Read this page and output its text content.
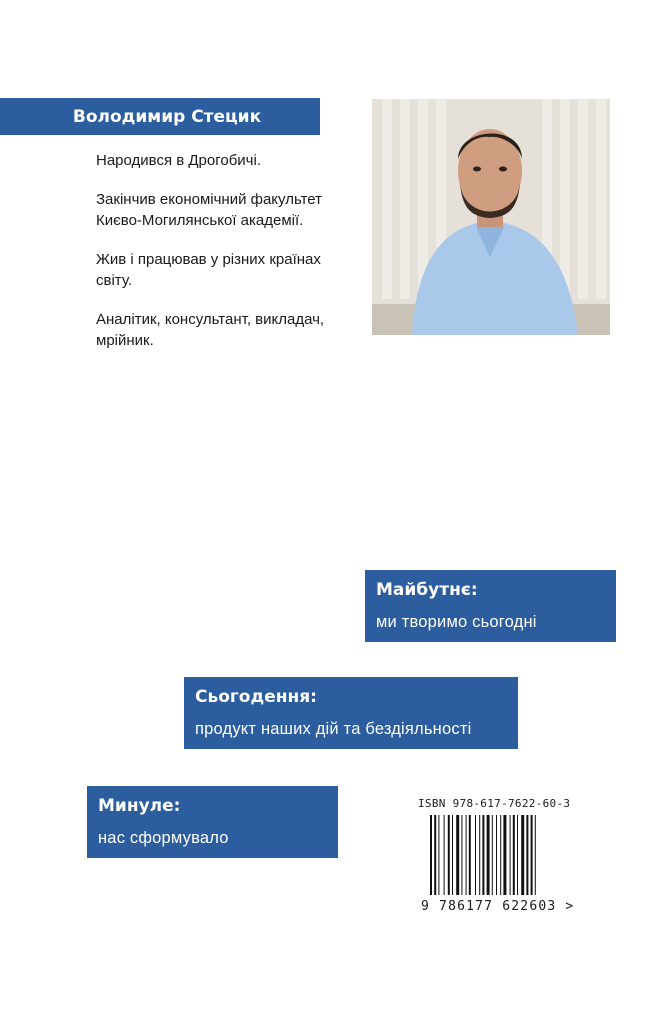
Володимир Стецик

Народився в Дрогобичі.

Закінчив економічний факультет Києво-Могилянської академії.

Жив і працював у різних країнах світу.

Аналітик, консультант, викладач, мрійник.

Майбутнє:
ми творимо сьогодні
Сьогодення:
продукт наших дій та бездіяльності
Минуле:
нас сформувало
ISBN 978-617-7622-60-3
9 786177 622603 >
